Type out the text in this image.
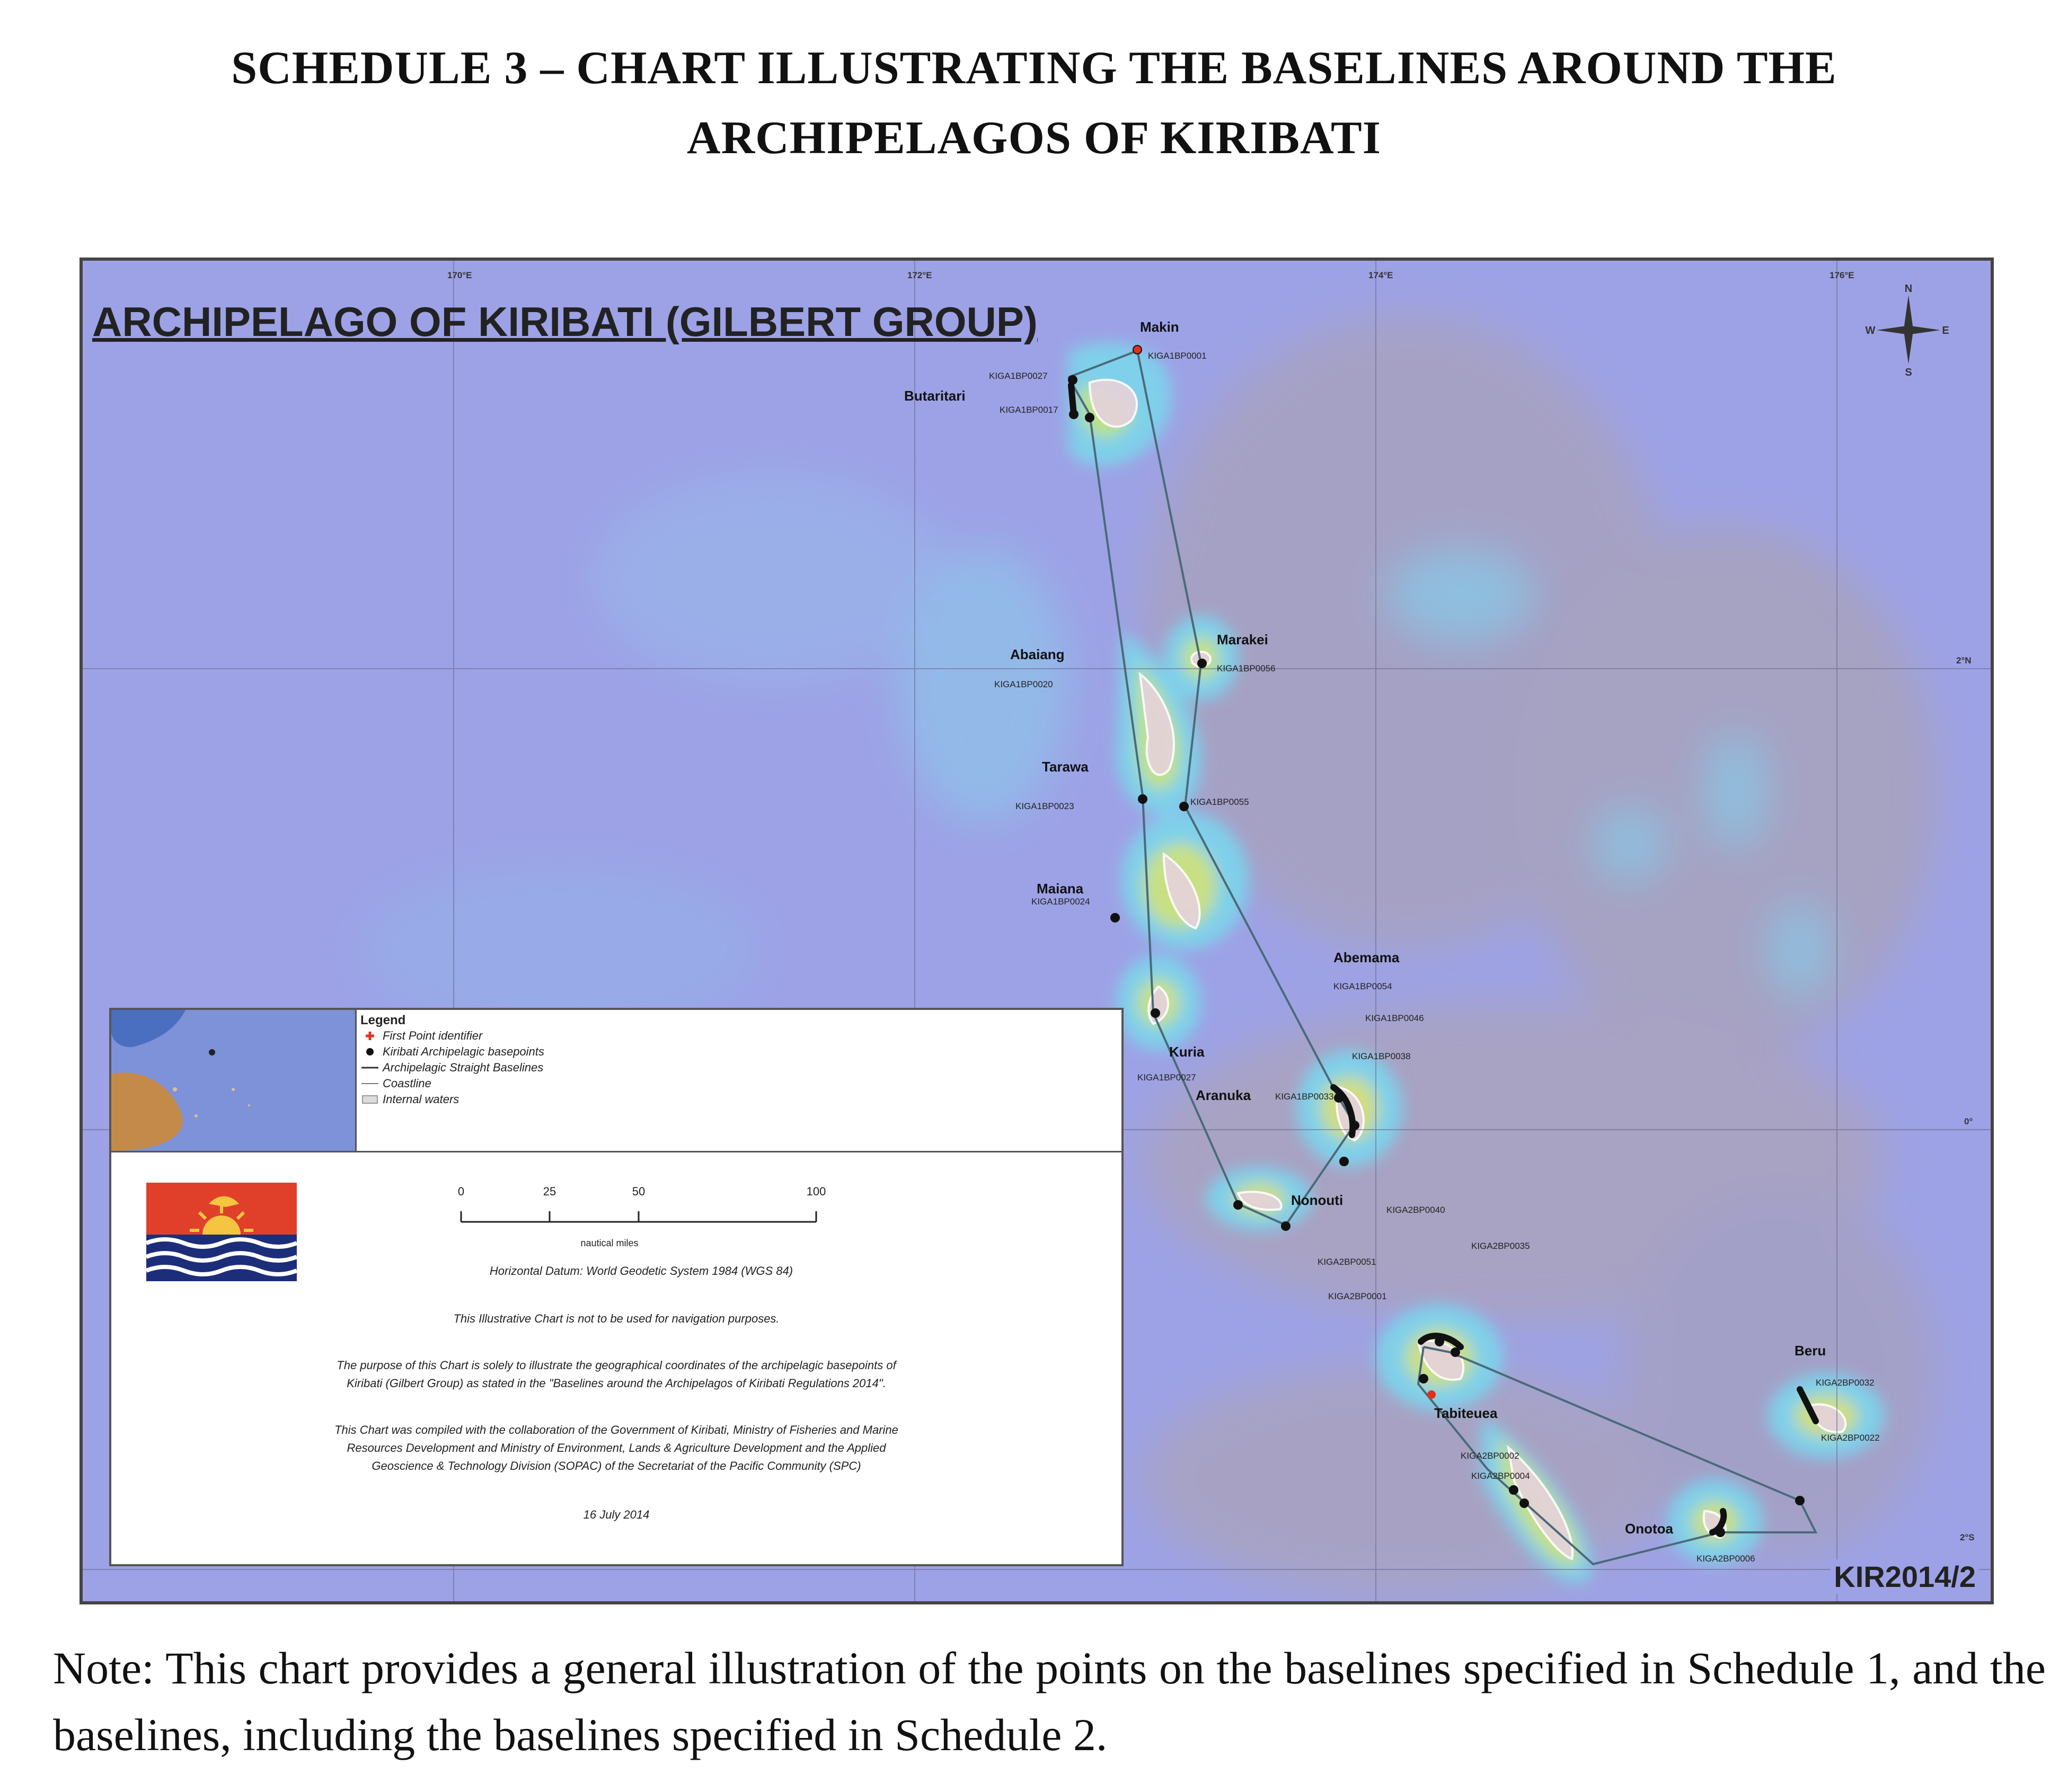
SCHEDULE 3 – CHART ILLUSTRATING THE BASELINES AROUND THE
ARCHIPELAGOS OF KIRIBATI
ARCHIPELAGO OF KIRIBATI (GILBERT GROUP)
170°E	172°E	174°E	176°E
2°N
0°
2°S
N
S
E
W
Makin
Butaritari
Marakei
Abaiang
Tarawa
Maiana
Abemama
Kuria
Aranuka
Nonouti
Tabiteuea
Beru
Onotoa
KIGA1BP0001
KIGA1BP0027
KIGA1BP0017
KIGA1BP0056
KIGA1BP0020
KIGA1BP0023	KIGA1BP0055
KIGA1BP0024
KIGA1BP0054
KIGA1BP0046
KIGA1BP0038
KIGA1BP0027
KIGA1BP0033
KIGA2BP0040
KIGA2BP0035
KIGA2BP0051
KIGA2BP0001
KIGA2BP0032
KIGA2BP0022
KIGA2BP0002
KIGA2BP0004
KIGA2BP0006
Legend
First Point identifier
Kiribati Archipelagic basepoints
Archipelagic Straight Baselines
Coastline
Internal waters
0	25	50	100
nautical miles
Horizontal Datum: World Geodetic System 1984 (WGS 84)
This Illustrative Chart is not to be used for navigation purposes.
The purpose of this Chart is solely to illustrate the geographical coordinates of the archipelagic basepoints of
Kiribati (Gilbert Group) as stated in the "Baselines around the Archipelagos of Kiribati Regulations 2014".
This Chart was compiled with the collaboration of the Government of Kiribati, Ministry of Fisheries and Marine
Resources Development and Ministry of Environment, Lands & Agriculture Development and the Applied
Geoscience & Technology Division (SOPAC) of the Secretariat of the Pacific Community (SPC)
16 July 2014
KIR2014/2
Note: This chart provides a general illustration of the points on the baselines specified in Schedule 1, and the baselines, including the baselines specified in Schedule 2.
